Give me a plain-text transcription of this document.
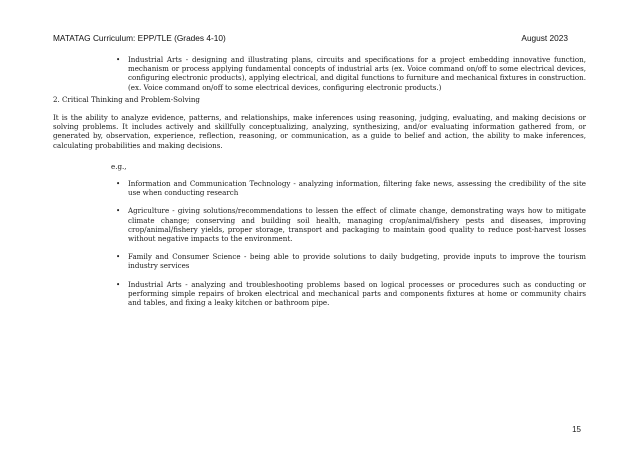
MATATAG Curriculum: EPP/TLE (Grades 4-10)	August 2023
• Industrial Arts - designing and illustrating plans, circuits and specifications for a project embedding innovative function, mechanism or process applying fundamental concepts of industrial arts (ex. Voice command on/off to some electrical devices, configuring electronic products), applying electrical, and digital functions to furniture and mechanical fixtures in construction. (ex. Voice command on/off to some electrical devices, configuring electronic products.)
2. Critical Thinking and Problem-Solving

It is the ability to analyze evidence, patterns, and relationships, make inferences using reasoning, judging, evaluating, and making decisions or solving problems. It includes actively and skillfully conceptualizing, analyzing, synthesizing, and/or evaluating information gathered from, or generated by, observation, experience, reflection, reasoning, or communication, as a guide to belief and action, the ability to make inferences, calculating probabilities and making decisions.

e.g.,
• Information and Communication Technology - analyzing information, filtering fake news, assessing the credibility of the site use when conducting research
• Agriculture - giving solutions/recommendations to lessen the effect of climate change, demonstrating ways how to mitigate climate change; conserving and building soil health, managing crop/animal/fishery pests and diseases, improving crop/animal/fishery yields, proper storage, transport and packaging to maintain good quality to reduce post-harvest losses without negative impacts to the environment.
• Family and Consumer Science - being able to provide solutions to daily budgeting, provide inputs to improve the tourism industry services
• Industrial Arts - analyzing and troubleshooting problems based on logical processes or procedures such as conducting or performing simple repairs of broken electrical and mechanical parts and components fixtures at home or community chairs and tables, and fixing a leaky kitchen or bathroom pipe.
15
